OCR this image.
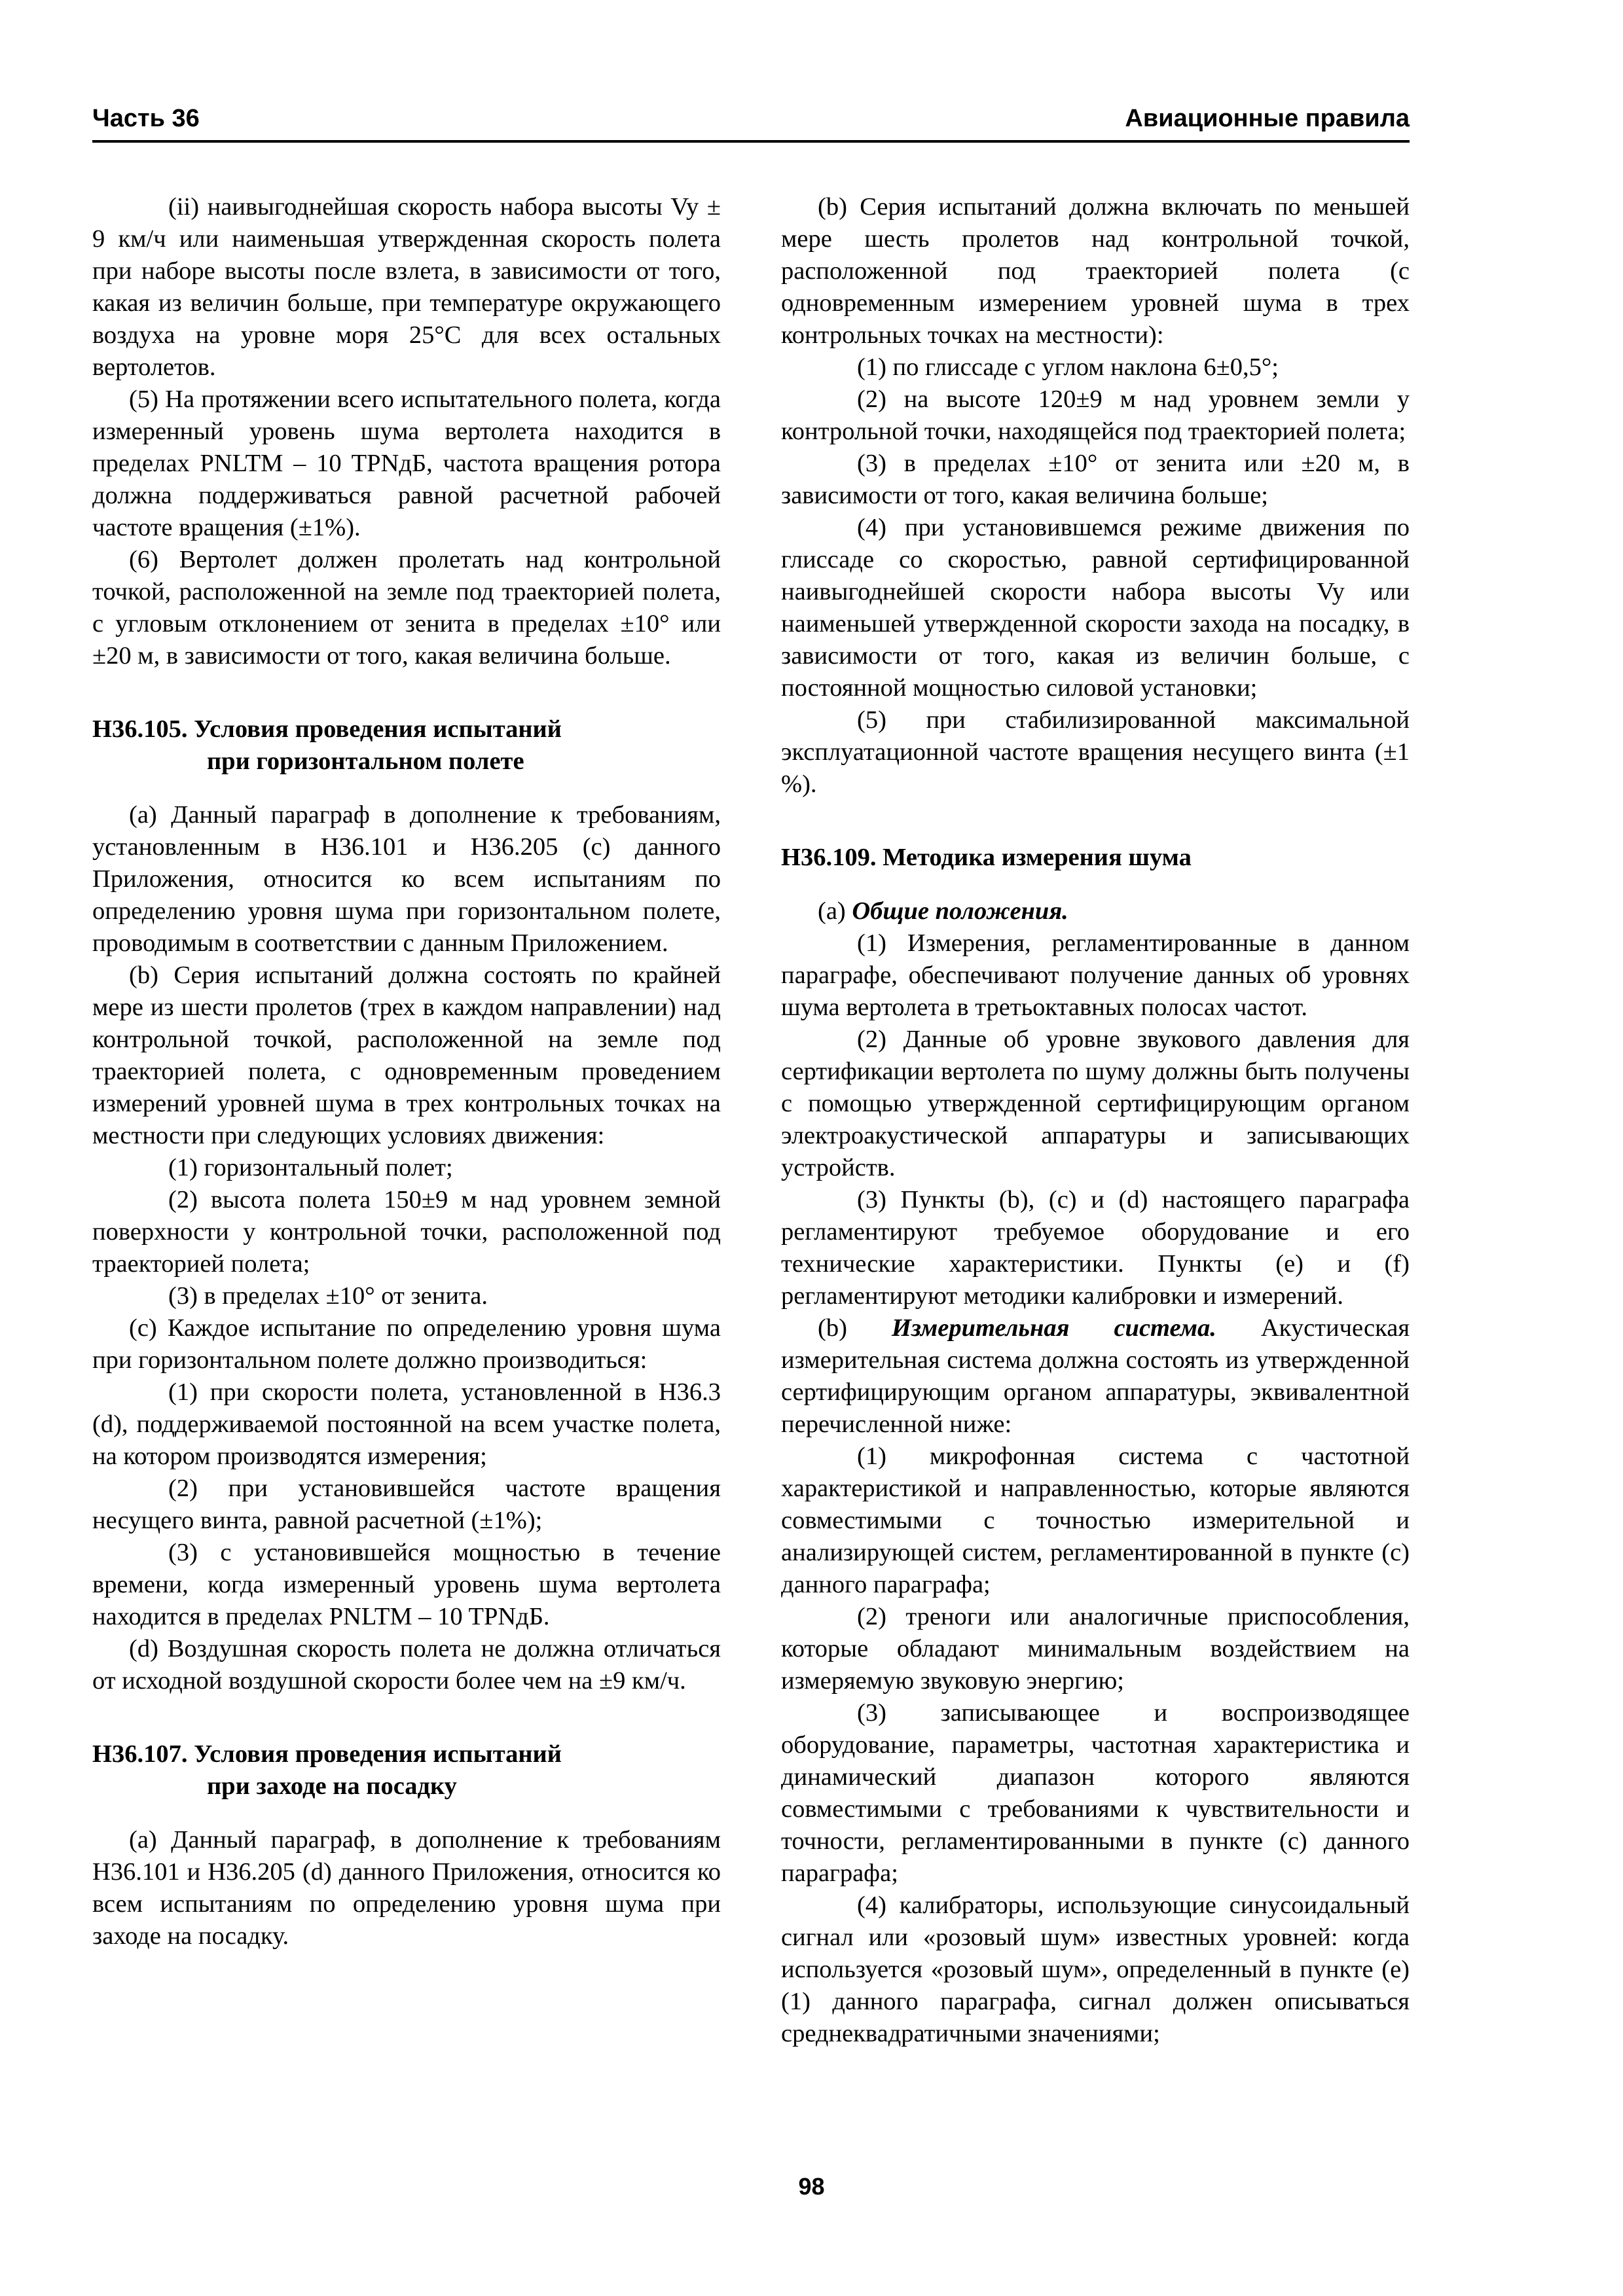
Часть 36	Авиационные правила

(ii) наивыгоднейшая скорость набора высоты Vy ± 9 км/ч или наименьшая утвержденная скорость полета при наборе высоты после взлета, в зависимости от того, какая из величин больше, при температуре окружающего воздуха на уровне моря 25°С для всех остальных вертолетов.

(5) На протяжении всего испытательного полета, когда измеренный уровень шума вертолета находится в пределах PNLTM – 10 TPNдБ, частота вращения ротора должна поддерживаться равной расчетной рабочей частоте вращения (±1%).

(6) Вертолет должен пролетать над контрольной точкой, расположенной на земле под траекторией полета, с угловым отклонением от зенита в пределах ±10° или ±20 м, в зависимости от того, какая величина больше.

Н36.105. Условия проведения испытаний
при горизонтальном полете

(а) Данный параграф в дополнение к требованиям, установленным в Н36.101 и Н36.205 (с) данного Приложения, относится ко всем испытаниям по определению уровня шума при горизонтальном полете, проводимым в соответствии с данным Приложением.

(b) Серия испытаний должна состоять по крайней мере из шести пролетов (трех в каждом направлении) над контрольной точкой, расположенной на земле под траекторией полета, с одновременным проведением измерений уровней шума в трех контрольных точках на местности при следующих условиях движения:

(1) горизонтальный полет;

(2) высота полета 150±9 м над уровнем земной поверхности у контрольной точки, расположенной под траекторией полета;

(3) в пределах ±10° от зенита.

(с) Каждое испытание по определению уровня шума при горизонтальном полете должно производиться:

(1) при скорости полета, установленной в Н36.3 (d), поддерживаемой постоянной на всем участке полета, на котором производятся измерения;

(2) при установившейся частоте вращения несущего винта, равной расчетной (±1%);

(3) с установившейся мощностью в течение времени, когда измеренный уровень шума вертолета находится в пределах PNLTM – 10 TPNдБ.

(d) Воздушная скорость полета не должна отличаться от исходной воздушной скорости более чем на ±9 км/ч.

Н36.107. Условия проведения испытаний
при заходе на посадку

(а) Данный параграф, в дополнение к требованиям Н36.101 и Н36.205 (d) данного Приложения, относится ко всем испытаниям по определению уровня шума при заходе на посадку.

(b) Серия испытаний должна включать по меньшей мере шесть пролетов над контрольной точкой, расположенной под траекторией полета (с одновременным измерением уровней шума в трех контрольных точках на местности):

(1) по глиссаде с углом наклона 6±0,5°;

(2) на высоте 120±9 м над уровнем земли у контрольной точки, находящейся под траекторией полета;

(3) в пределах ±10° от зенита или ±20 м, в зависимости от того, какая величина больше;

(4) при установившемся режиме движения по глиссаде со скоростью, равной сертифицированной наивыгоднейшей скорости набора высоты Vy или наименьшей утвержденной скорости захода на посадку, в зависимости от того, какая из величин больше, с постоянной мощностью силовой установки;

(5) при стабилизированной максимальной эксплуатационной частоте вращения несущего винта (±1 %).

Н36.109. Методика измерения шума

(а) Общие положения.

(1) Измерения, регламентированные в данном параграфе, обеспечивают получение данных об уровнях шума вертолета в третьоктавных полосах частот.

(2) Данные об уровне звукового давления для сертификации вертолета по шуму должны быть получены с помощью утвержденной сертифицирующим органом электроакустической аппаратуры и записывающих устройств.

(3) Пункты (b), (с) и (d) настоящего параграфа регламентируют требуемое оборудование и его технические характеристики. Пункты (е) и (f) регламентируют методики калибровки и измерений.

(b) Измерительная система. Акустическая измерительная система должна состоять из утвержденной сертифицирующим органом аппаратуры, эквивалентной перечисленной ниже:

(1) микрофонная система с частотной характеристикой и направленностью, которые являются совместимыми с точностью измерительной и анализирующей систем, регламентированной в пункте (с) данного параграфа;

(2) треноги или аналогичные приспособления, которые обладают минимальным воздействием на измеряемую звуковую энергию;

(3) записывающее и воспроизводящее оборудование, параметры, частотная характеристика и динамический диапазон которого являются совместимыми с требованиями к чувствительности и точности, регламентированными в пункте (с) данного параграфа;

(4) калибраторы, использующие синусоидальный сигнал или «розовый шум» известных уровней: когда используется «розовый шум», определенный в пункте (е)(1) данного параграфа, сигнал должен описываться среднеквадратичными значениями;

98
